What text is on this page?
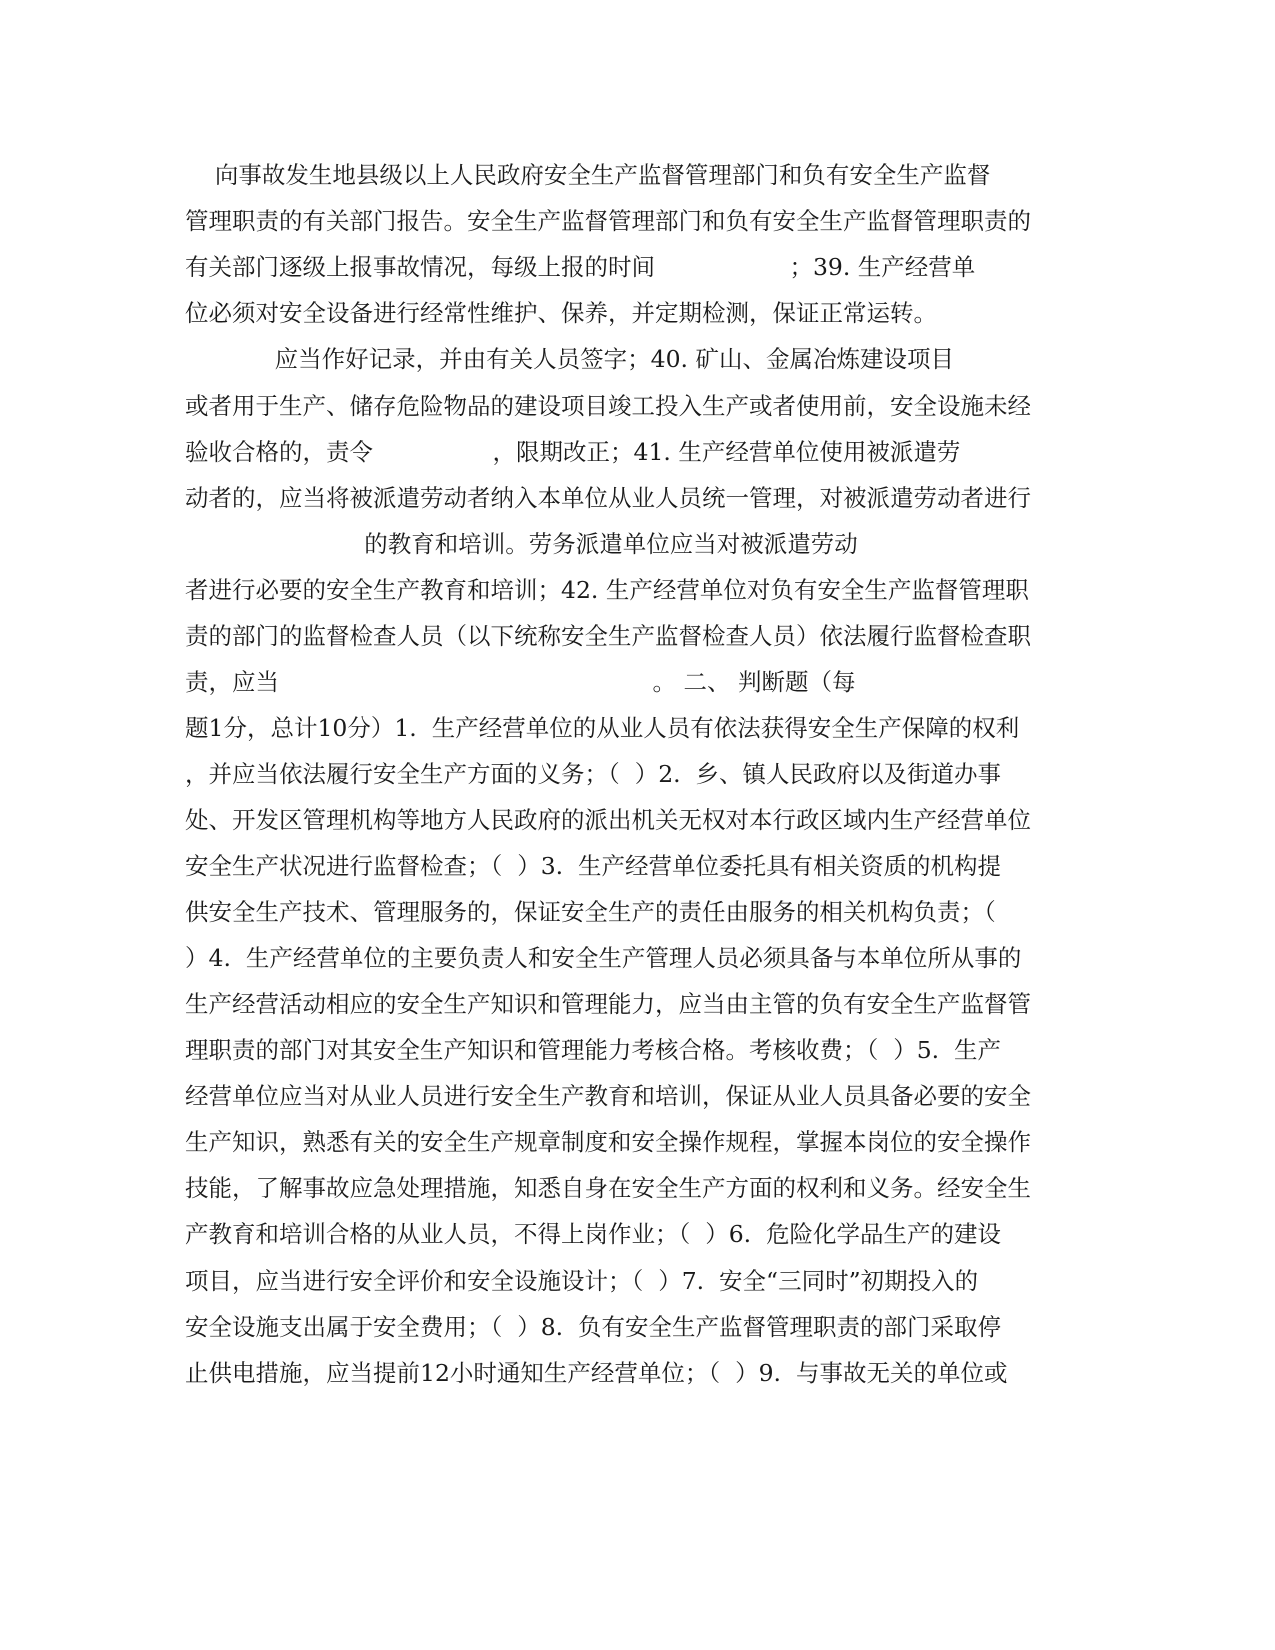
向事故发生地县级以上人民政府安全生产监督管理部门和负有安全生产监督
管理职责的有关部门报告。安全生产监督管理部门和负有安全生产监督管理职责的
有关部门逐级上报事故情况，每级上报的时间                  ；39. 生产经营单
位必须对安全设备进行经常性维护、保养，并定期检测，保证正常运转。
应当作好记录，并由有关人员签字；40. 矿山、金属冶炼建设项目
或者用于生产、储存危险物品的建设项目竣工投入生产或者使用前，安全设施未经
验收合格的，责令                ，限期改正；41. 生产经营单位使用被派遣劳
动者的，应当将被派遣劳动者纳入本单位从业人员统一管理，对被派遣劳动者进行
的教育和培训。劳务派遣单位应当对被派遣劳动
者进行必要的安全生产教育和培训；42. 生产经营单位对负有安全生产监督管理职
责的部门的监督检查人员（以下统称安全生产监督检查人员）依法履行监督检查职
责，应当                                                  。 二、 判断题（每
题1分，总计10分）1.  生产经营单位的从业人员有依法获得安全生产保障的权利
，并应当依法履行安全生产方面的义务；（  ）2.  乡、镇人民政府以及街道办事
处、开发区管理机构等地方人民政府的派出机关无权对本行政区域内生产经营单位
安全生产状况进行监督检查；（  ）3.  生产经营单位委托具有相关资质的机构提
供安全生产技术、管理服务的，保证安全生产的责任由服务的相关机构负责；（
）4.  生产经营单位的主要负责人和安全生产管理人员必须具备与本单位所从事的
生产经营活动相应的安全生产知识和管理能力，应当由主管的负有安全生产监督管
理职责的部门对其安全生产知识和管理能力考核合格。考核收费；（  ）5.  生产
经营单位应当对从业人员进行安全生产教育和培训，保证从业人员具备必要的安全
生产知识，熟悉有关的安全生产规章制度和安全操作规程，掌握本岗位的安全操作
技能，了解事故应急处理措施，知悉自身在安全生产方面的权利和义务。经安全生
产教育和培训合格的从业人员，不得上岗作业；（  ）6.  危险化学品生产的建设
项目，应当进行安全评价和安全设施设计；（  ）7.  安全“三同时”初期投入的
安全设施支出属于安全费用；（  ）8.  负有安全生产监督管理职责的部门采取停
止供电措施，应当提前12小时通知生产经营单位；（  ）9.  与事故无关的单位或
